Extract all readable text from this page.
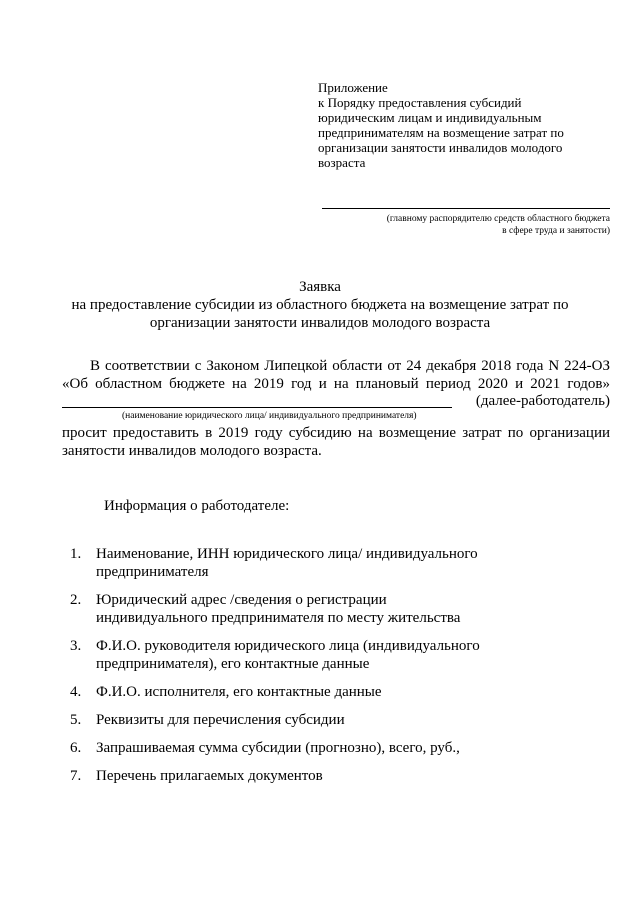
Приложение
к Порядку предоставления субсидий
юридическим лицам и индивидуальным
предпринимателям на возмещение затрат по
организации занятости инвалидов молодого
возраста
(главному распорядителю средств областного бюджета
в сфере труда и занятости)
Заявка
на предоставление субсидии из областного бюджета на возмещение затрат по
организации занятости инвалидов молодого возраста
В соответствии с Законом Липецкой области от 24 декабря 2018 года N 224-ОЗ
«Об областном бюджете на 2019 год и на плановый период 2020 и 2021 годов»
(далее-работодатель)
(наименование юридического лица/ индивидуального предпринимателя)
просит предоставить в 2019 году субсидию на возмещение затрат по организации
занятости инвалидов молодого возраста.
Информация о работодателе:
1. Наименование, ИНН юридического лица/ индивидуального
предпринимателя
2. Юридический адрес /сведения о регистрации
индивидуального предпринимателя по месту жительства
3. Ф.И.О. руководителя юридического лица (индивидуального
предпринимателя), его контактные данные
4. Ф.И.О. исполнителя, его контактные данные
5. Реквизиты для перечисления субсидии
6. Запрашиваемая сумма субсидии (прогнозно), всего, руб.,
7. Перечень прилагаемых документов
